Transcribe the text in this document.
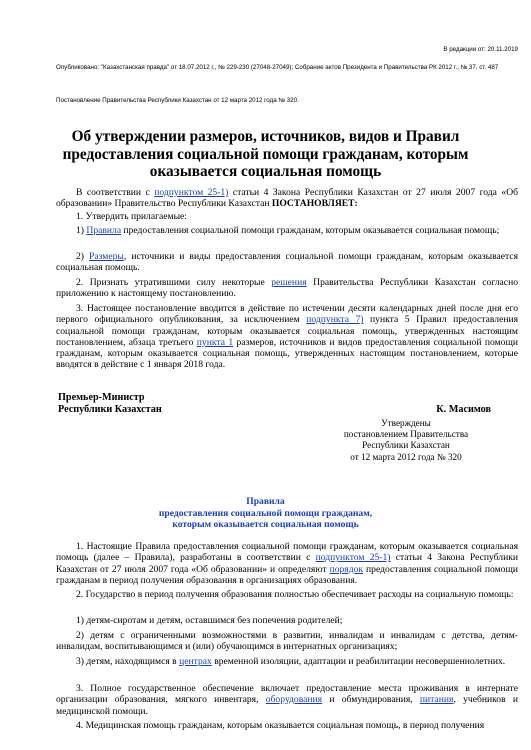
В редакции от: 20.11.2019
Опубликовано: "Казахстанская правда" от 18.07.2012 г., № 229-230 (27048-27049); Собрание актов Президента и Правительства РК 2012 г., № 37, ст. 487
Постановление Правительства Республики Казахстан от 12 марта 2012 года № 320.
Об утверждении размеров, источников, видов и Правил предоставления социальной помощи гражданам, которым оказывается социальная помощь

В соответствии с подпунктом 25-1) статьи 4 Закона Республики Казахстан от 27 июля 2007 года «Об образовании» Правительство Республики Казахстан ПОСТАНОВЛЯЕТ:

1. Утвердить прилагаемые:

1) Правила предоставления социальной помощи гражданам, которым оказывается социальная помощь;

2) Размеры, источники и виды предоставления социальной помощи гражданам, которым оказывается социальная помощь.

2. Признать утратившими силу некоторые решения Правительства Республики Казахстан согласно приложению к настоящему постановлению.

3. Настоящее постановление вводится в действие по истечении десяти календарных дней после дня его первого официального опубликования, за исключением подпункта 7) пункта 5 Правил предоставления социальной помощи гражданам, которым оказывается социальная помощь, утвержденных настоящим постановлением, абзаца третьего пункта 1 размеров, источников и видов предоставления социальной помощи гражданам, которым оказывается социальная помощь, утвержденных настоящим постановлением, которые вводятся в действие с 1 января 2018 года.

Премьер-Министр
Республики Казахстан	К. Масимов
Утверждены
постановлением Правительства
Республики Казахстан
от 12 марта 2012 года № 320
Правила
предоставления социальной помощи гражданам,
которым оказывается социальная помощь

1. Настоящие Правила предоставления социальной помощи гражданам, которым оказывается социальная помощь (далее – Правила), разработаны в соответствии с подпунктом 25-1) статьи 4 Закона Республики Казахстан от 27 июля 2007 года «Об образовании» и определяют порядок предоставления социальной помощи гражданам в период получения образования в организациях образования.

2. Государство в период получения образования полностью обеспечивает расходы на социальную помощь:

1) детям-сиротам и детям, оставшимся без попечения родителей;

2) детям с ограниченными возможностями в развитии, инвалидам и инвалидам с детства, детям-инвалидам, воспитывающимся и (или) обучающимся в интернатных организациях;

3) детям, находящимся в центрах временной изоляции, адаптации и реабилитации несовершеннолетних.

3. Полное государственное обеспечение включает предоставление места проживания в интернате организации образования, мягкого инвентаря, оборудования и обмундирования, питания, учебников и медицинской помощи.

4. Медицинская помощь гражданам, которым оказывается социальная помощь, в период получения
